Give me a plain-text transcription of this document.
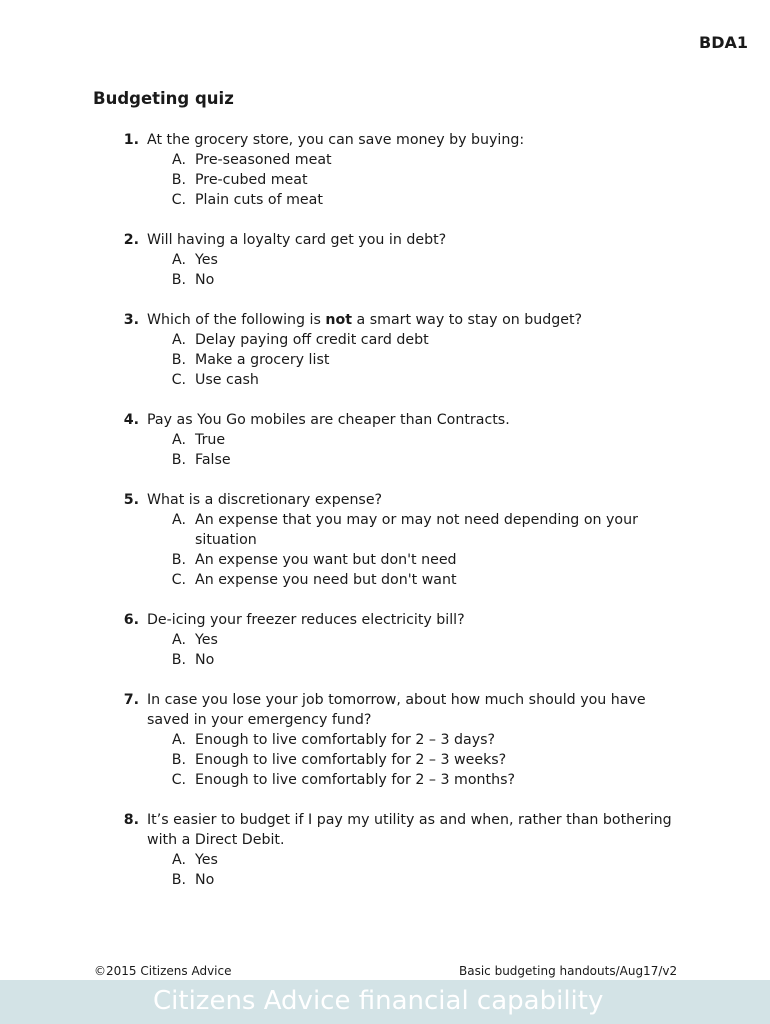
BDA1
Budgeting quiz
1. At the grocery store, you can save money by buying:
A. Pre-seasoned meat
B. Pre-cubed meat
C. Plain cuts of meat
2. Will having a loyalty card get you in debt?
A. Yes
B. No
3. Which of the following is not a smart way to stay on budget?
A. Delay paying off credit card debt
B. Make a grocery list
C. Use cash
4. Pay as You Go mobiles are cheaper than Contracts.
A. True
B. False
5. What is a discretionary expense?
A. An expense that you may or may not need depending on your situation
B. An expense you want but don't need
C. An expense you need but don't want
6. De-icing your freezer reduces electricity bill?
A. Yes
B. No
7. In case you lose your job tomorrow, about how much should you have saved in your emergency fund?
A. Enough to live comfortably for 2 – 3 days?
B. Enough to live comfortably for 2 – 3 weeks?
C. Enough to live comfortably for 2 – 3 months?
8. It’s easier to budget if I pay my utility as and when, rather than bothering with a Direct Debit.
A. Yes
B. No
©2015 Citizens Advice	Basic budgeting handouts/Aug17/v2
Citizens Advice financial capability
